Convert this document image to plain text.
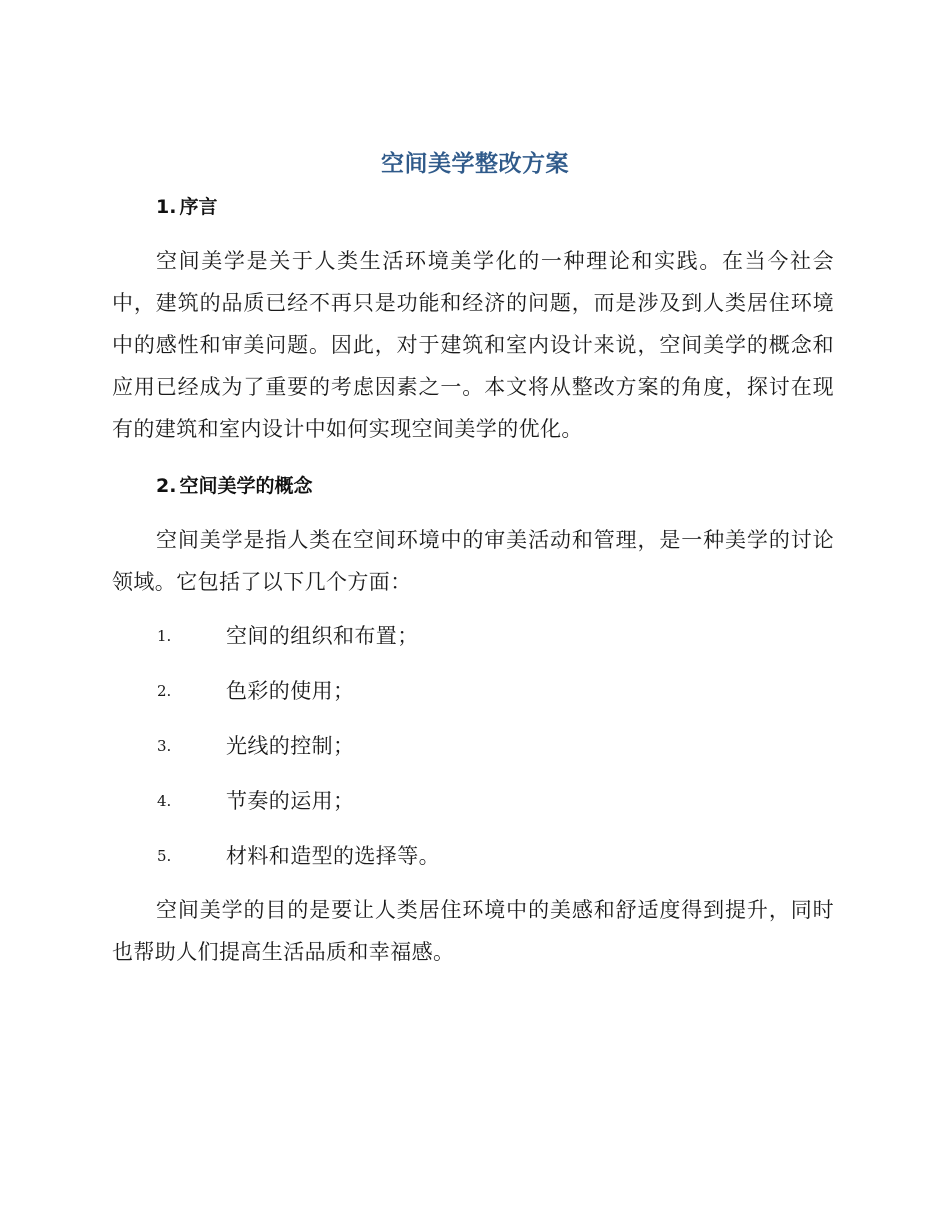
空间美学整改方案
1. 序言

空间美学是关于人类生活环境美学化的一种理论和实践。在当今社会中，建筑的品质已经不再只是功能和经济的问题，而是涉及到人类居住环境中的感性和审美问题。因此，对于建筑和室内设计来说，空间美学的概念和应用已经成为了重要的考虑因素之一。本文将从整改方案的角度，探讨在现有的建筑和室内设计中如何实现空间美学的优化。

2. 空间美学的概念

空间美学是指人类在空间环境中的审美活动和管理，是一种美学的讨论领域。它包括了以下几个方面：

1.	空间的组织和布置；
2.	色彩的使用；
3.	光线的控制；
4.	节奏的运用；
5.	材料和造型的选择等。

空间美学的目的是要让人类居住环境中的美感和舒适度得到提升，同时也帮助人们提高生活品质和幸福感。
